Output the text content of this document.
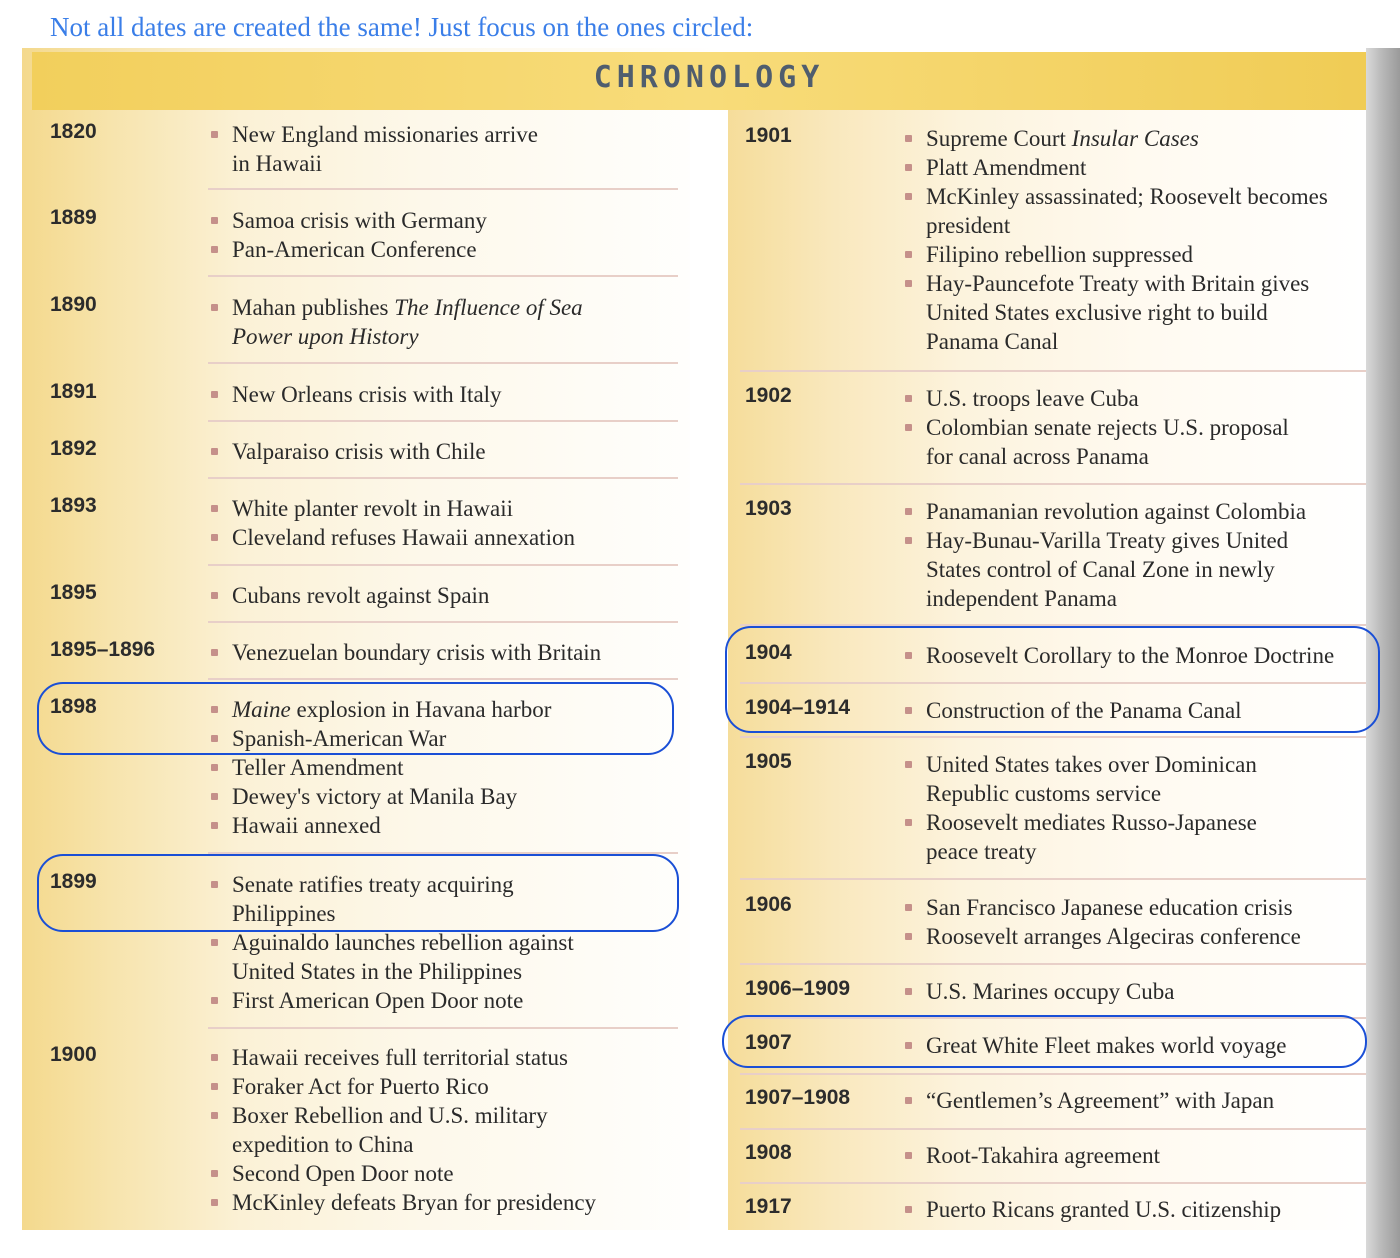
CHRONOLOGY
Not all dates are created the same! Just focus on the ones circled:
1820	New England missionaries arrive
in Hawaii
1889	Samoa crisis with Germany
Pan-American Conference
1890	Mahan publishes The Influence of Sea
Power upon History
1891	New Orleans crisis with Italy
1892	Valparaiso crisis with Chile
1893	White planter revolt in Hawaii
Cleveland refuses Hawaii annexation
1895	Cubans revolt against Spain
1895–1896	Venezuelan boundary crisis with Britain
1898	Maine explosion in Havana harbor
Spanish-American War
Teller Amendment
Dewey's victory at Manila Bay
Hawaii annexed
1899	Senate ratifies treaty acquiring
Philippines
Aguinaldo launches rebellion against
United States in the Philippines
First American Open Door note
1900	Hawaii receives full territorial status
Foraker Act for Puerto Rico
Boxer Rebellion and U.S. military
expedition to China
Second Open Door note
McKinley defeats Bryan for presidency
1901	Supreme Court Insular Cases
Platt Amendment
McKinley assassinated; Roosevelt becomes
president
Filipino rebellion suppressed
Hay-Pauncefote Treaty with Britain gives
United States exclusive right to build
Panama Canal
1902	U.S. troops leave Cuba
Colombian senate rejects U.S. proposal
for canal across Panama
1903	Panamanian revolution against Colombia
Hay-Bunau-Varilla Treaty gives United
States control of Canal Zone in newly
independent Panama
1904	Roosevelt Corollary to the Monroe Doctrine
1904–1914	Construction of the Panama Canal
1905	United States takes over Dominican
Republic customs service
Roosevelt mediates Russo-Japanese
peace treaty
1906	San Francisco Japanese education crisis
Roosevelt arranges Algeciras conference
1906–1909	U.S. Marines occupy Cuba
1907	Great White Fleet makes world voyage
1907–1908	“Gentlemen’s Agreement” with Japan
1908	Root-Takahira agreement
1917	Puerto Ricans granted U.S. citizenship
